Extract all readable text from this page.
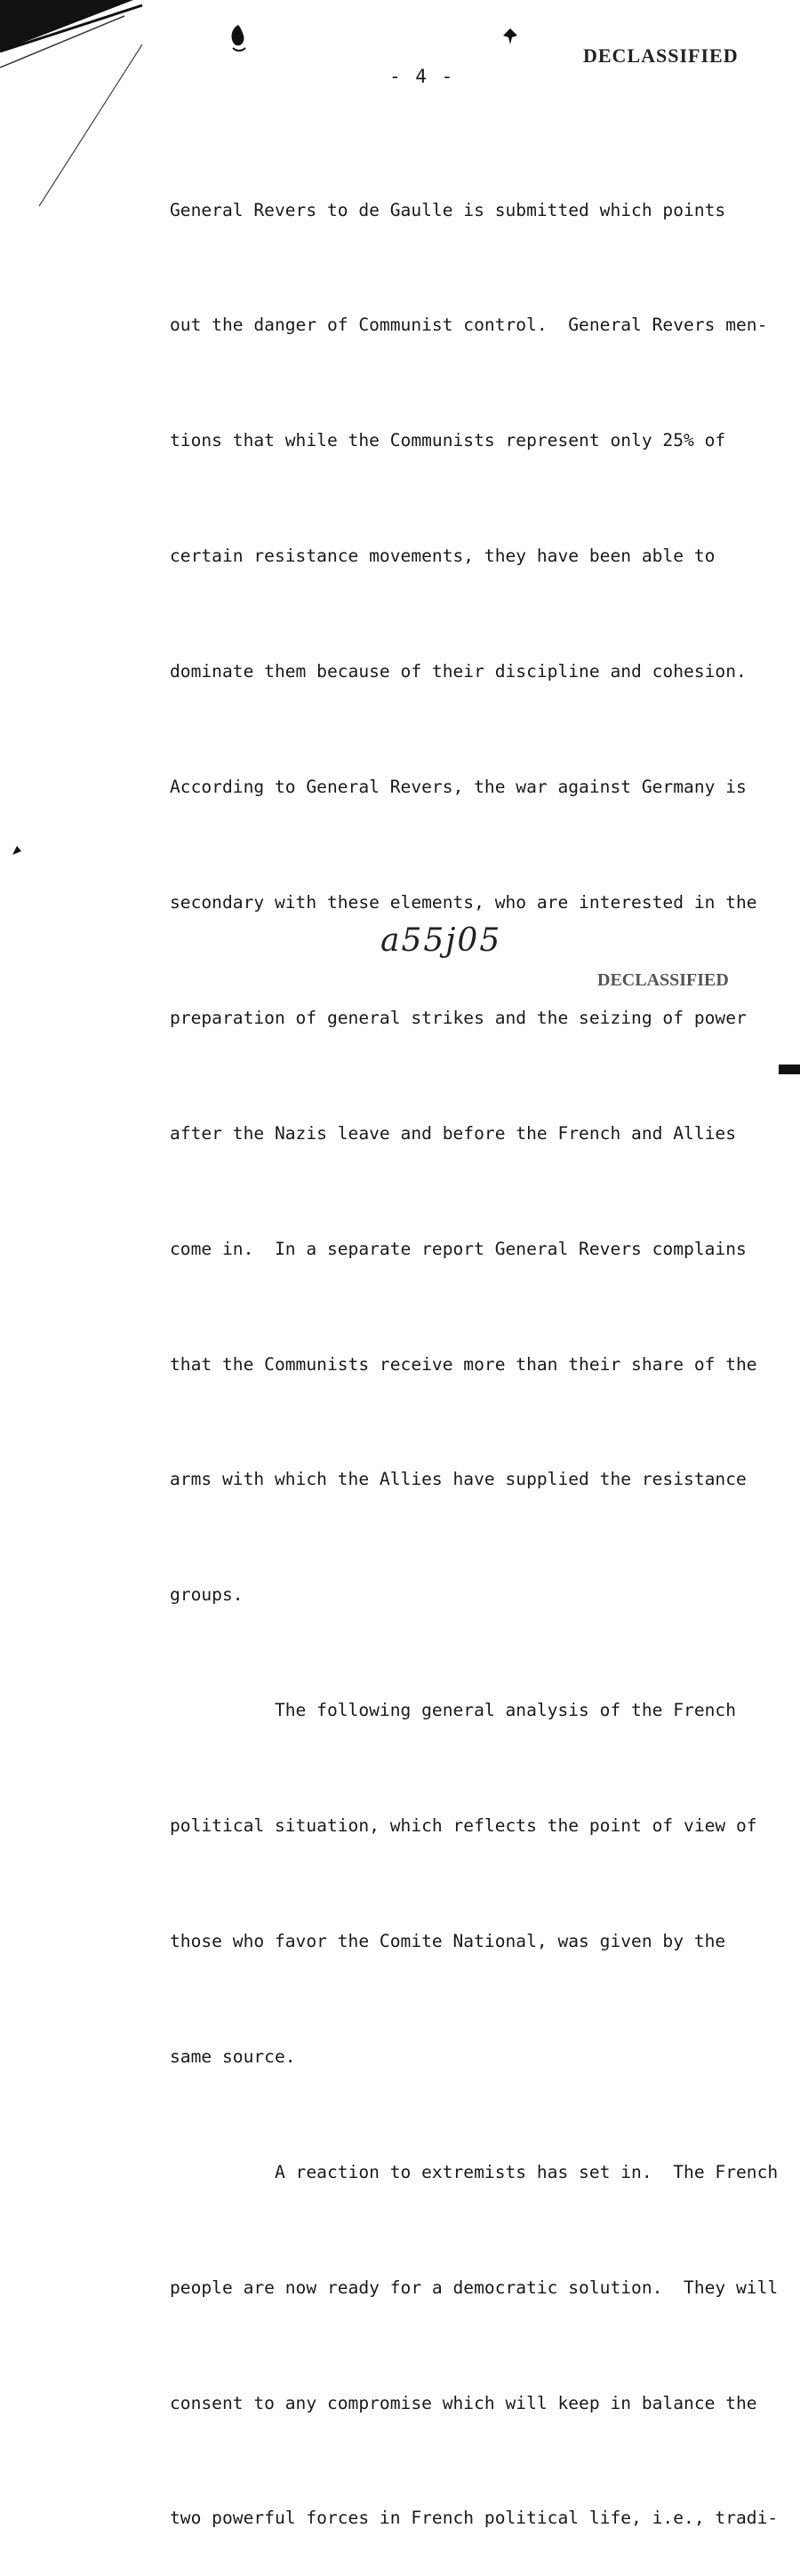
DECLASSIFIED
- 4 -

General Revers to de Gaulle is submitted which points

out the danger of Communist control.  General Revers men-

tions that while the Communists represent only 25% of

certain resistance movements, they have been able to

dominate them because of their discipline and cohesion.

According to General Revers, the war against Germany is

secondary with these elements, who are interested in the

preparation of general strikes and the seizing of power

after the Nazis leave and before the French and Allies

come in.  In a separate report General Revers complains

that the Communists receive more than their share of the

arms with which the Allies have supplied the resistance

groups.

The following general analysis of the French

political situation, which reflects the point of view of

those who favor the Comite National, was given by the

same source.

A reaction to extremists has set in.  The French

people are now ready for a democratic solution.  They will

consent to any compromise which will keep in balance the

two powerful forces in French political life, i.e., tradi-

a55j05
DECLASSIFIED
